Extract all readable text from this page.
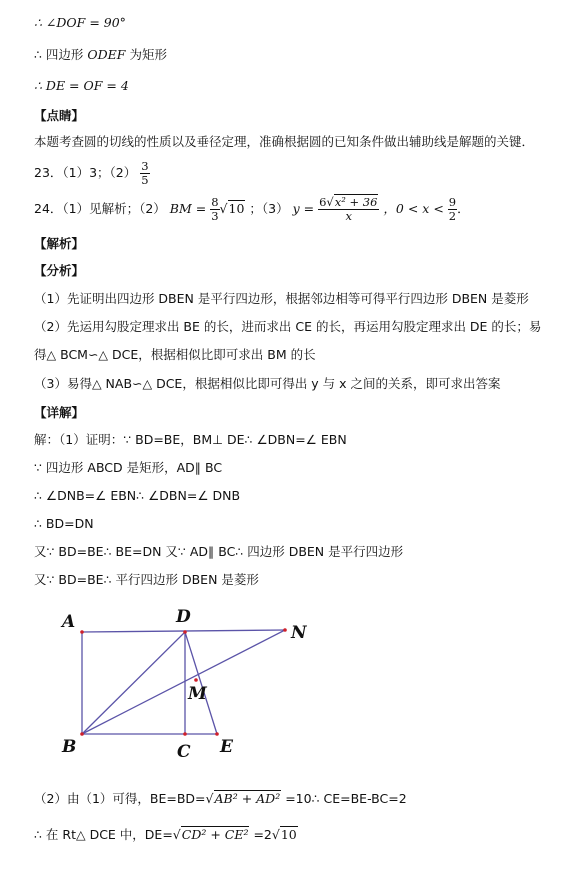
∴ ∠DOF = 90°
∴ 四边形 ODEF 为矩形
∴ DE = OF = 4
【点睛】
本题考查圆的切线的性质以及垂径定理，准确根据圆的已知条件做出辅助线是解题的关键．
23．（1）3；$(2) \frac{3}{5}$
24．（1）见解析；（2） BM = $\frac{8}{3} √10$ ；（3） $y = \frac{\text{6√x² + 36}}{x}$ ，$0 < x < \frac{9}{2}$ ．
【解析】
【分析】
（1）先证明出四边形 DBEN 是平行四边形，根据邻边相等可得平行四边形 DBEN 是菱形
（2）先运用勾股定理求出 BE 的长，进而求出 CE 的长，再运用勾股定理求出 DE 的长；易
得△ BCM∽△ DCE，根据相似比即可求出 BM 的长
（3）易得△ NAB∽△ DCE，根据相似比即可得出 y 与 x 之间的关系，即可求出答案
【详解】
解：（1）证明：∵ BD=BE，BM⊥ DE∴ ∠DBN=∠ EBN
∵ 四边形 ABCD 是矩形，AD∥ BC
∴ ∠DNB=∠ EBN∴ ∠DBN=∠ DNB
∴ BD=DN
又∵ BD=BE∴ BE=DN 又∵ AD∥ BC∴ 四边形 DBEN 是平行四边形
又∵ BD=BE∴ 平行四边形 DBEN 是菱形
A	D
N
M
B	C E
（2）由（1）可得，BE=BD=√AB² + AD² =10∴ CE=BE-BC=2
∴ 在 Rt△ DCE 中，DE=√CD² + CE² =2√10
